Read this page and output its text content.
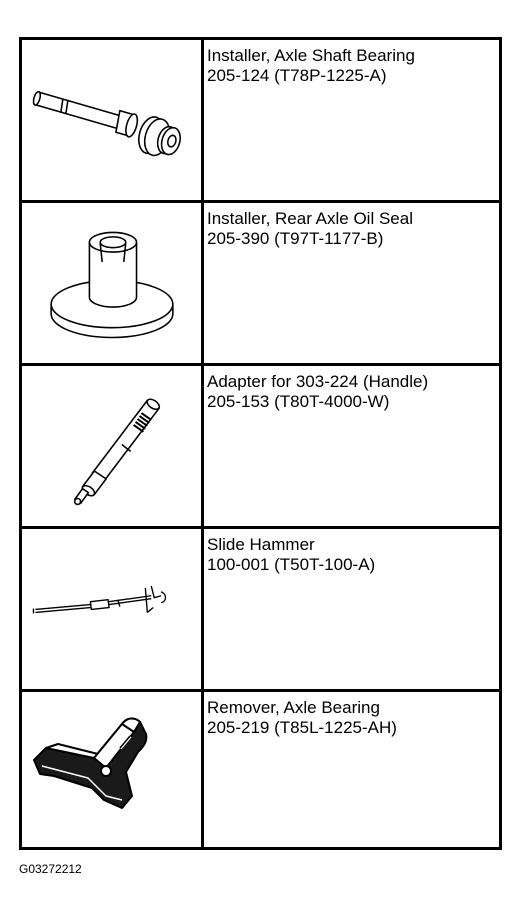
Installer, Axle Shaft Bearing
205-124 (T78P-1225-A)
Installer, Rear Axle Oil Seal
205-390 (T97T-1177-B)
Adapter for 303-224 (Handle)
205-153 (T80T-4000-W)
Slide Hammer
100-001 (T50T-100-A)
Remover, Axle Bearing
205-219 (T85L-1225-AH)
G03272212
